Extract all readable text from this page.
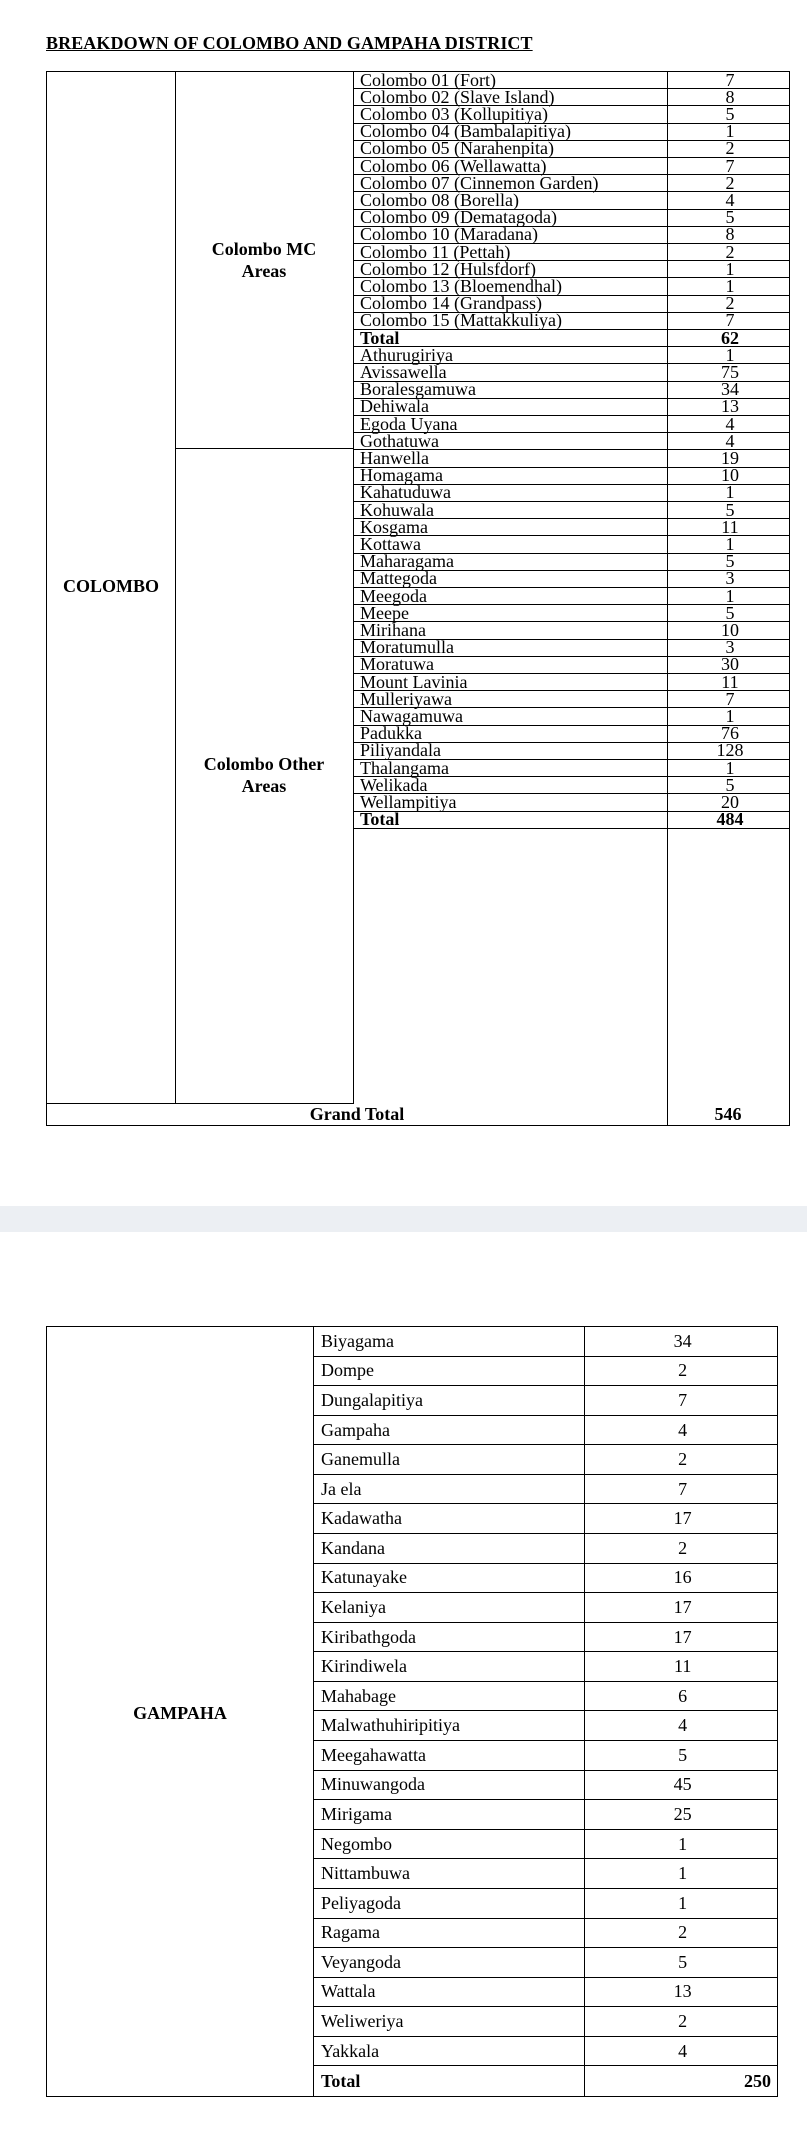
BREAKDOWN OF COLOMBO AND GAMPAHA DISTRICT
COLOMBO
Colombo MC Areas
Colombo Other Areas
Colombo 01 (Fort)	7
Colombo 02 (Slave Island)	8
Colombo 03 (Kollupitiya)	5
Colombo 04 (Bambalapitiya)	1
Colombo 05 (Narahenpita)	2
Colombo 06 (Wellawatta)	7
Colombo 07 (Cinnemon Garden)	2
Colombo 08 (Borella)	4
Colombo 09 (Dematagoda)	5
Colombo 10 (Maradana)	8
Colombo 11 (Pettah)	2
Colombo 12 (Hulsfdorf)	1
Colombo 13 (Bloemendhal)	1
Colombo 14 (Grandpass)	2
Colombo 15 (Mattakkuliya)	7
Total	62
Athurugiriya	1
Avissawella	75
Boralesgamuwa	34
Dehiwala	13
Egoda Uyana	4
Gothatuwa	4
Hanwella	19
Homagama	10
Kahatuduwa	1
Kohuwala	5
Kosgama	11
Kottawa	1
Maharagama	5
Mattegoda	3
Meegoda	1
Meepe	5
Mirihana	10
Moratumulla	3
Moratuwa	30
Mount Lavinia	11
Mulleriyawa	7
Nawagamuwa	1
Padukka	76
Piliyandala	128
Thalangama	1
Welikada	5
Wellampitiya	20
Total	484
Grand Total	546
GAMPAHA
Biyagama	34
Dompe	2
Dungalapitiya	7
Gampaha	4
Ganemulla	2
Ja ela	7
Kadawatha	17
Kandana	2
Katunayake	16
Kelaniya	17
Kiribathgoda	17
Kirindiwela	11
Mahabage	6
Malwathuhiripitiya	4
Meegahawatta	5
Minuwangoda	45
Mirigama	25
Negombo	1
Nittambuwa	1
Peliyagoda	1
Ragama	2
Veyangoda	5
Wattala	13
Weliweriya	2
Yakkala	4
Total	250
